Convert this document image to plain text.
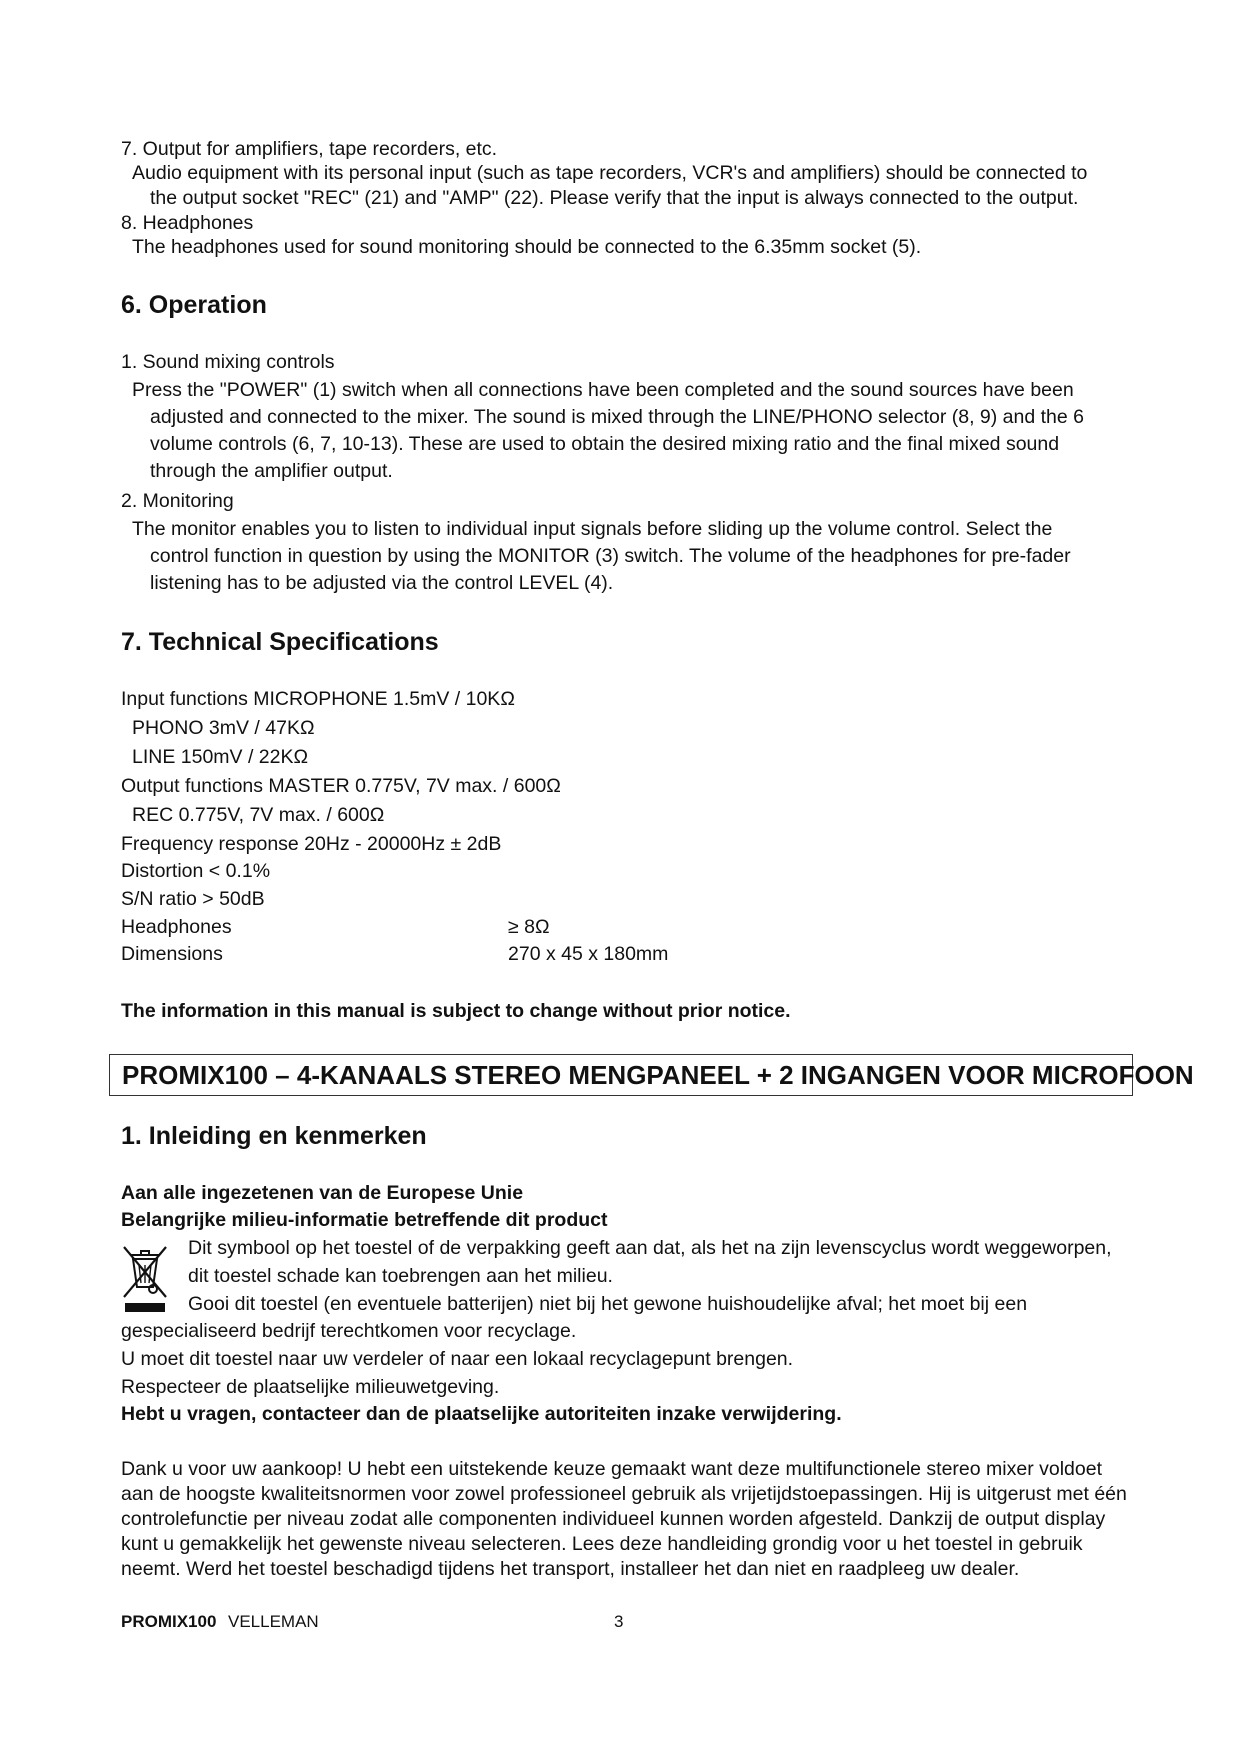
7. Output for amplifiers, tape recorders, etc.

Audio equipment with its personal input (such as tape recorders, VCR's and amplifiers) should be connected to

the output socket "REC" (21) and "AMP" (22). Please verify that the input is always connected to the output.

8. Headphones

The headphones used for sound monitoring should be connected to the 6.35mm socket (5).

6. Operation

1. Sound mixing controls

Press the "POWER" (1) switch when all connections have been completed and the sound sources have been

adjusted and connected to the mixer. The sound is mixed through the LINE/PHONO selector (8, 9) and the 6

volume controls (6, 7, 10-13). These are used to obtain the desired mixing ratio and the final mixed sound

through the amplifier output.

2. Monitoring

The monitor enables you to listen to individual input signals before sliding up the volume control. Select the

control function in question by using the MONITOR (3) switch. The volume of the headphones for pre-fader

listening has to be adjusted via the control LEVEL (4).

7. Technical Specifications

Input functions MICROPHONE 1.5mV / 10KΩ

PHONO 3mV / 47KΩ

LINE 150mV / 22KΩ

Output functions MASTER 0.775V, 7V max. / 600Ω

REC 0.775V, 7V max. / 600Ω

Frequency response 20Hz - 20000Hz ± 2dB

Distortion < 0.1%

S/N ratio > 50dB

Headphones	≥ 8Ω

Dimensions	270 x 45 x 180mm

The information in this manual is subject to change without prior notice.

PROMIX100 – 4-KANAALS STEREO MENGPANEEL + 2 INGANGEN VOOR MICROFOON
1. Inleiding en kenmerken

Aan alle ingezetenen van de Europese Unie

Belangrijke milieu-informatie betreffende dit product

Dit symbool op het toestel of de verpakking geeft aan dat, als het na zijn levenscyclus wordt weggeworpen,

dit toestel schade kan toebrengen aan het milieu.

Gooi dit toestel (en eventuele batterijen) niet bij het gewone huishoudelijke afval; het moet bij een

gespecialiseerd bedrijf terechtkomen voor recyclage.

U moet dit toestel naar uw verdeler of naar een lokaal recyclagepunt brengen.

Respecteer de plaatselijke milieuwetgeving.

Hebt u vragen, contacteer dan de plaatselijke autoriteiten inzake verwijdering.

Dank u voor uw aankoop! U hebt een uitstekende keuze gemaakt want deze multifunctionele stereo mixer voldoet

aan de hoogste kwaliteitsnormen voor zowel professioneel gebruik als vrijetijdstoepassingen. Hij is uitgerust met één

controlefunctie per niveau zodat alle componenten individueel kunnen worden afgesteld. Dankzij de output display

kunt u gemakkelijk het gewenste niveau selecteren. Lees deze handleiding grondig voor u het toestel in gebruik

neemt. Werd het toestel beschadigd tijdens het transport, installeer het dan niet en raadpleeg uw dealer.

PROMIX100 VELLEMAN	3
